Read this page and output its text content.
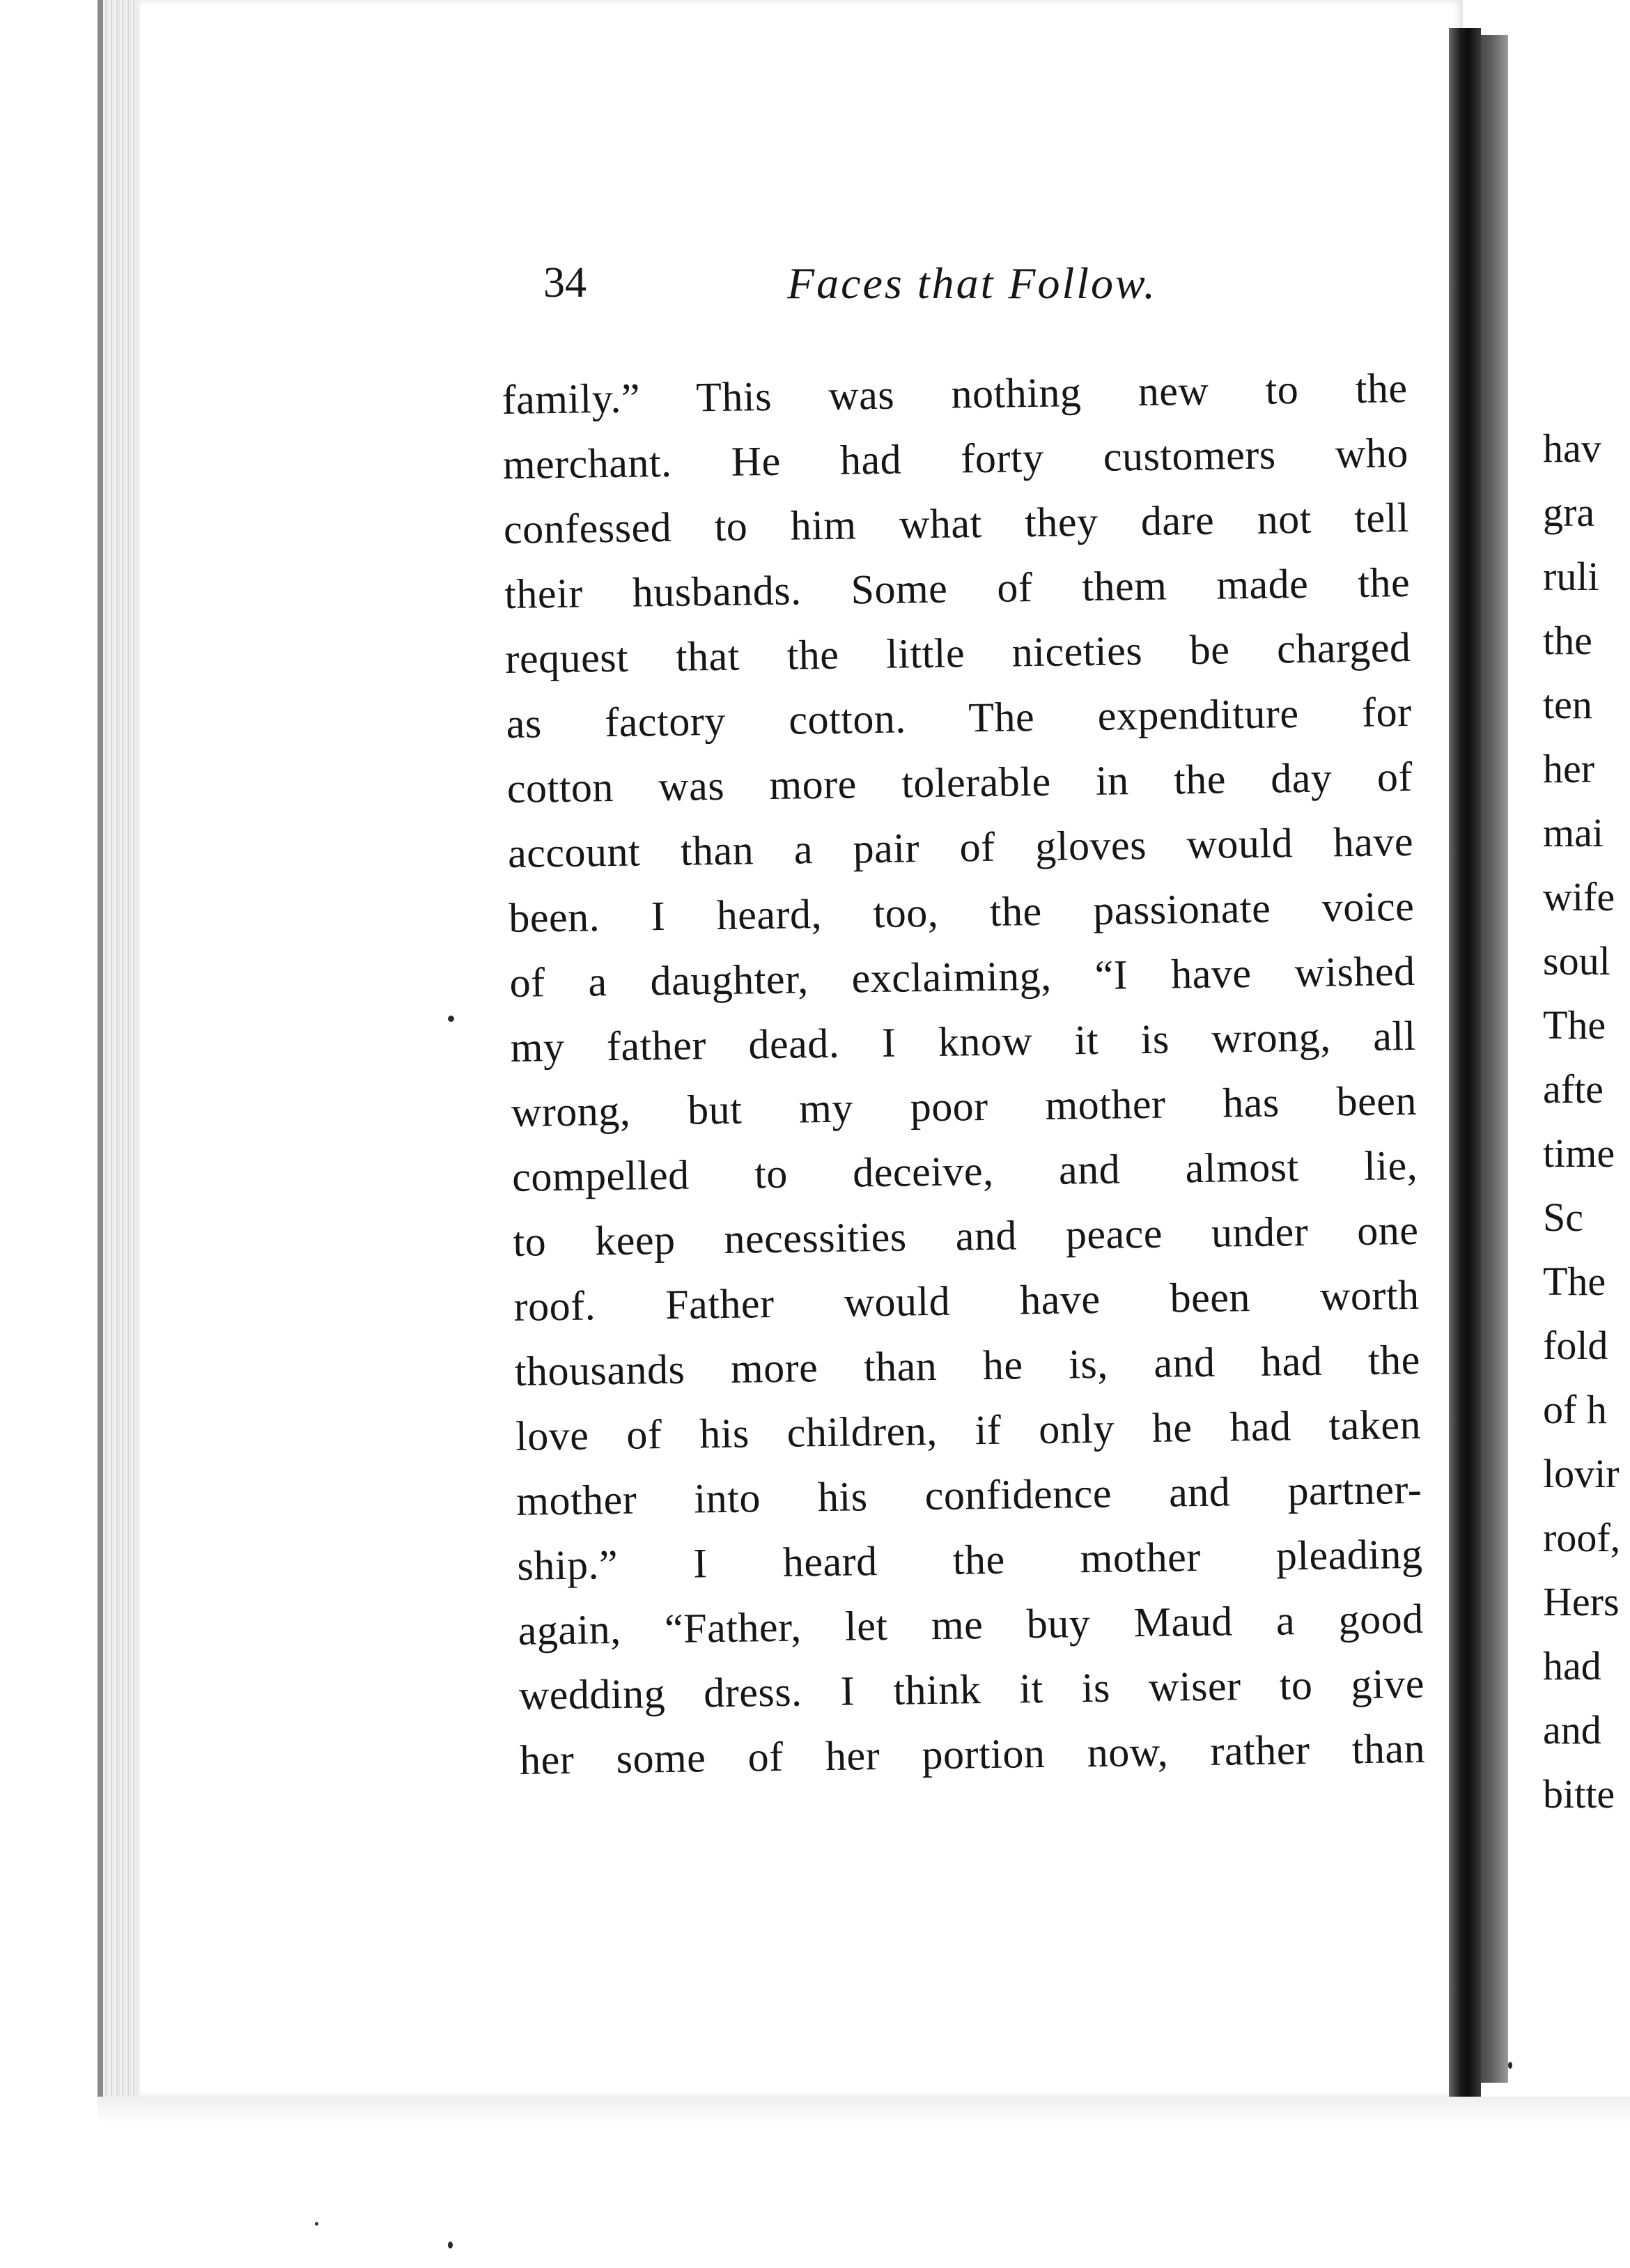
34	Faces that Follow.
family.” This was nothing new to the
merchant. He had forty customers who
confessed to him what they dare not tell
their husbands. Some of them made the
request that the little niceties be charged
as factory cotton. The expenditure for
cotton was more tolerable in the day of
account than a pair of gloves would have
been. I heard, too, the passionate voice
of a daughter, exclaiming, “I have wished
my father dead. I know it is wrong, all
wrong, but my poor mother has been
compelled to deceive, and almost lie,
to keep necessities and peace under one
roof. Father would have been worth
thousands more than he is, and had the
love of his children, if only he had taken
mother into his confidence and partner-
ship.” I heard the mother pleading
again, “Father, let me buy Maud a good
wedding dress. I think it is wiser to give
her some of her portion now, rather than
hav
gra
ruli
the
ten
her
mai
wife
soul
The
afte
time
Sc
The
fold
of h
lovir
roof,
Hers
had
and
bitte
